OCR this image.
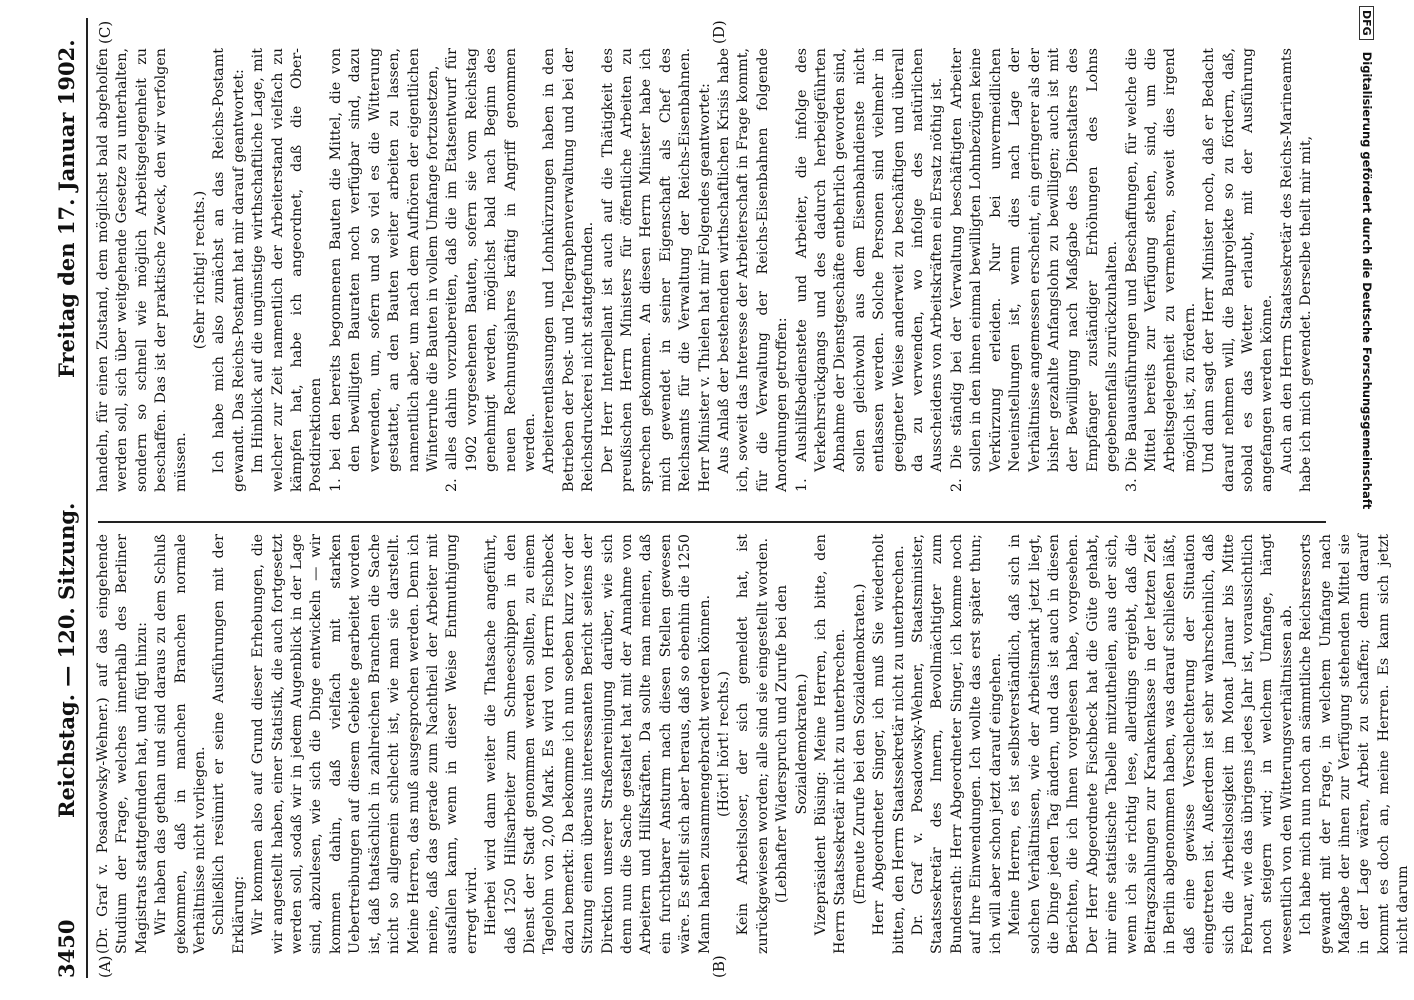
3450
Reichstag. — 120. Sitzung.
Freitag den 17. Januar 1902.
(A)	(B)
(C)	(D)

(Dr. Graf v. Posadowsky-Wehner.) auf das eingehende Studium der Frage, welches innerhalb des Berliner Magistrats stattgefunden hat, und fügt hinzu: Wir haben das gethan und sind daraus zu dem Schluß gekommen, daß in manchen Branchen normale Verhältnisse nicht vorliegen. Schließlich resümirt er seine Ausführungen mit der Erklärung: Wir kommen also auf Grund dieser Erhebungen, die wir angestellt haben, einer Statistik, die auch fortgesetzt werden soll, sodaß wir in jedem Augenblick in der Lage sind, abzulesen, wie sich die Dinge entwickeln — wir kommen dahin, daß vielfach mit starken Uebertreibungen auf diesem Gebiete gearbeitet worden ist, daß thatsächlich in zahlreichen Branchen die Sache nicht so allgemein schlecht ist, wie man sie darstellt. Meine Herren, das muß ausgesprochen werden. Denn ich meine, daß das gerade zum Nachtheil der Arbeiter mit ausfallen kann, wenn in dieser Weise Entmuthigung erregt wird. Hierbei wird dann weiter die Thatsache angeführt, daß 1250 Hilfsarbeiter zum Schneeschippen in den Dienst der Stadt genommen werden sollten, zu einem Tagelohn von 2,00 Mark. Es wird von Herrn Fischbeck dazu bemerkt: Da bekomme ich nun soeben kurz vor der Sitzung einen überaus interessanten Bericht seitens der Direktion unserer Straßenreinigung darüber, wie sich denn nun die Sache gestaltet hat mit der Annahme von Arbeitern und Hilfskräften. Da sollte man meinen, daß ein furchtbarer Ansturm nach diesen Stellen gewesen wäre. Es stellt sich aber heraus, daß so ebenhin die 1250 Mann haben zusammengebracht werden können. (Hört! hört! rechts.) Kein Arbeitsloser, der sich gemeldet hat, ist zurückgewiesen worden; alle sind sie eingestellt worden. (Lebhafter Widerspruch und Zurufe bei den Sozialdemokraten.) Vizepräsident Büsing: Meine Herren, ich bitte, den Herrn Staatssekretär nicht zu unterbrechen. (Erneute Zurufe bei den Sozialdemokraten.) Herr Abgeordneter Singer, ich muß Sie wiederholt bitten, den Herrn Staatssekretär nicht zu unterbrechen. Dr. Graf v. Posadowsky-Wehner, Staatsminister, Staatssekretär des Innern, Bevollmächtigter zum Bundesrath: Herr Abgeordneter Singer, ich komme noch auf Ihre Einwendungen. Ich wollte das erst später thun; ich will aber schon jetzt darauf eingehen. Meine Herren, es ist selbstverständlich, daß sich in solchen Verhältnissen, wie der Arbeitsmarkt jetzt liegt, die Dinge jeden Tag ändern, und das ist auch in diesen Berichten, die ich Ihnen vorgelesen habe, vorgesehen. Der Herr Abgeordnete Fischbeck hat die Güte gehabt, mir eine statistische Tabelle mitzutheilen, aus der sich, wenn ich sie richtig lese, allerdings ergiebt, daß die Beitragszahlungen zur Krankenkasse in der letzten Zeit in Berlin abgenommen haben, was darauf schließen läßt, daß eine gewisse Verschlechterung der Situation eingetreten ist. Außerdem ist sehr wahrscheinlich, daß sich die Arbeitslosigkeit im Monat Januar bis Mitte Februar, wie das übrigens jedes Jahr ist, voraussichtlich noch steigern wird; in welchem Umfange, hängt wesentlich von den Witterungsverhältnissen ab. Ich habe mich nun noch an sämmtliche Reichsressorts gewandt mit der Frage, in welchem Umfange nach Maßgabe der ihnen zur Verfügung stehenden Mittel sie in der Lage wären, Arbeit zu schaffen; denn darauf kommt es doch an, meine Herren. Es kann sich jetzt nicht darum

handeln, für einen Zustand, dem möglichst bald abgeholfen werden soll, sich über weitgehende Gesetze zu unterhalten, sondern so schnell wie möglich Arbeitsgelegenheit zu beschaffen. Das ist der praktische Zweck, den wir verfolgen müssen.

(Sehr richtig! rechts.) Ich habe mich also zunächst an das Reichs-Postamt gewandt. Das Reichs-Postamt hat mir darauf geantwortet: Im Hinblick auf die ungünstige wirthschaftliche Lage, mit welcher zur Zeit namentlich der Arbeiterstand vielfach zu kämpfen hat, habe ich angeordnet, daß die Ober-Postdirektionen 1. bei den bereits begonnenen Bauten die Mittel, die von den bewilligten Bauraten noch verfügbar sind, dazu verwenden, um, sofern und so viel es die Witterung gestattet, an den Bauten weiter arbeiten zu lassen, namentlich aber, um nach dem Aufhören der eigentlichen Winterruhe die Bauten in vollem Umfange fortzusetzen, 2. alles dahin vorzubereiten, daß die im Etatsentwurf für 1902 vorgesehenen Bauten, sofern sie vom Reichstag genehmigt werden, möglichst bald nach Beginn des neuen Rechnungsjahres kräftig in Angriff genommen werden. Arbeiterentlassungen und Lohnkürzungen haben in den Betrieben der Post- und Telegraphenverwaltung und bei der Reichsdruckerei nicht stattgefunden. Der Herr Interpellant ist auch auf die Thätigkeit des preußischen Herrn Ministers für öffentliche Arbeiten zu sprechen gekommen. An diesen Herrn Minister habe ich mich gewendet in seiner Eigenschaft als Chef des Reichsamts für die Verwaltung der Reichs-Eisenbahnen. Herr Minister v. Thielen hat mir Folgendes geantwortet: Aus Anlaß der bestehenden wirthschaftlichen Krisis habe ich, soweit das Interesse der Arbeiterschaft in Frage kommt, für die Verwaltung der Reichs-Eisenbahnen folgende Anordnungen getroffen: 1. Aushilfsbedienstete und Arbeiter, die infolge des Verkehrsrückgangs und des dadurch herbeigeführten Abnahme der Dienstgeschäfte entbehrlich geworden sind, sollen gleichwohl aus dem Eisenbahndienste nicht entlassen werden. Solche Personen sind vielmehr in geeigneter Weise anderweit zu beschäftigen und überall da zu verwenden, wo infolge des natürlichen Ausscheidens von Arbeitskräften ein Ersatz nöthig ist. 2. Die ständig bei der Verwaltung beschäftigten Arbeiter sollen in den ihnen einmal bewilligten Lohnbezügen keine Verkürzung erleiden. Nur bei unvermeidlichen Neueinstellungen ist, wenn dies nach Lage der Verhältnisse angemessen erscheint, ein geringerer als der bisher gezahlte Anfangslohn zu bewilligen; auch ist mit der Bewilligung nach Maßgabe des Dienstalters des Empfänger zuständiger Erhöhungen des Lohns gegebenenfalls zurückzuhalten. 3. Die Bauausführungen und Beschaffungen, für welche die Mittel bereits zur Verfügung stehen, sind, um die Arbeitsgelegenheit zu vermehren, soweit dies irgend möglich ist, zu fördern. Und dann sagt der Herr Minister noch, daß er Bedacht darauf nehmen will, die Bauprojekte so zu fördern, daß, sobald es das Wetter erlaubt, mit der Ausführung angefangen werden könne. Auch an den Herrn Staatssekretär des Reichs-Marineamts habe ich mich gewendet. Derselbe theilt mir mit,

DFG Digitalisierung gefördert durch die Deutsche Forschungsgemeinschaft
